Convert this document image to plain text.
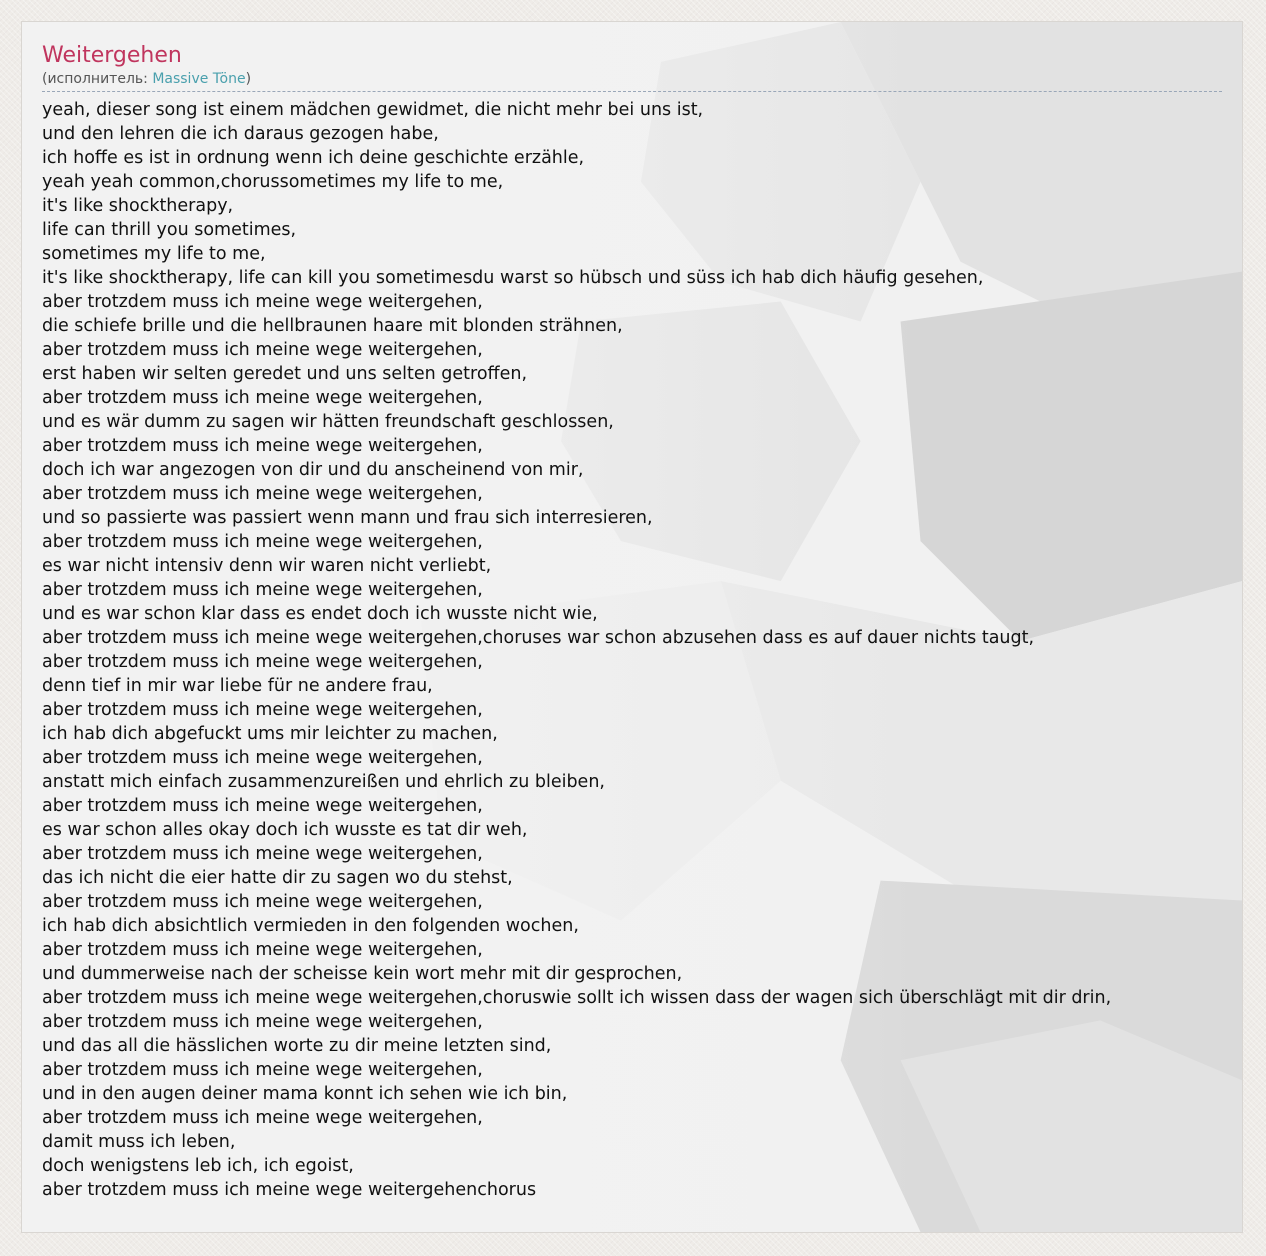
Weitergehen
(исполнитель: Massive Töne)
yeah, dieser song ist einem mädchen gewidmet, die nicht mehr bei uns ist,
und den lehren die ich daraus gezogen habe,
ich hoffe es ist in ordnung wenn ich deine geschichte erzähle,
yeah yeah common,chorussometimes my life to me,
it's like shocktherapy,
life can thrill you sometimes,
sometimes my life to me,
it's like shocktherapy, life can kill you sometimesdu warst so hübsch und süss ich hab dich häufig gesehen,
aber trotzdem muss ich meine wege weitergehen,
die schiefe brille und die hellbraunen haare mit blonden strähnen,
aber trotzdem muss ich meine wege weitergehen,
erst haben wir selten geredet und uns selten getroffen,
aber trotzdem muss ich meine wege weitergehen,
und es wär dumm zu sagen wir hätten freundschaft geschlossen,
aber trotzdem muss ich meine wege weitergehen,
doch ich war angezogen von dir und du anscheinend von mir,
aber trotzdem muss ich meine wege weitergehen,
und so passierte was passiert wenn mann und frau sich interresieren,
aber trotzdem muss ich meine wege weitergehen,
es war nicht intensiv denn wir waren nicht verliebt,
aber trotzdem muss ich meine wege weitergehen,
und es war schon klar dass es endet doch ich wusste nicht wie,
aber trotzdem muss ich meine wege weitergehen,choruses war schon abzusehen dass es auf dauer nichts taugt,
aber trotzdem muss ich meine wege weitergehen,
denn tief in mir war liebe für ne andere frau,
aber trotzdem muss ich meine wege weitergehen,
ich hab dich abgefuckt ums mir leichter zu machen,
aber trotzdem muss ich meine wege weitergehen,
anstatt mich einfach zusammenzureißen und ehrlich zu bleiben,
aber trotzdem muss ich meine wege weitergehen,
es war schon alles okay doch ich wusste es tat dir weh,
aber trotzdem muss ich meine wege weitergehen,
das ich nicht die eier hatte dir zu sagen wo du stehst,
aber trotzdem muss ich meine wege weitergehen,
ich hab dich absichtlich vermieden in den folgenden wochen,
aber trotzdem muss ich meine wege weitergehen,
und dummerweise nach der scheisse kein wort mehr mit dir gesprochen,
aber trotzdem muss ich meine wege weitergehen,choruswie sollt ich wissen dass der wagen sich überschlägt mit dir drin,
aber trotzdem muss ich meine wege weitergehen,
und das all die hässlichen worte zu dir meine letzten sind,
aber trotzdem muss ich meine wege weitergehen,
und in den augen deiner mama konnt ich sehen wie ich bin,
aber trotzdem muss ich meine wege weitergehen,
damit muss ich leben,
doch wenigstens leb ich, ich egoist,
aber trotzdem muss ich meine wege weitergehenchorus
